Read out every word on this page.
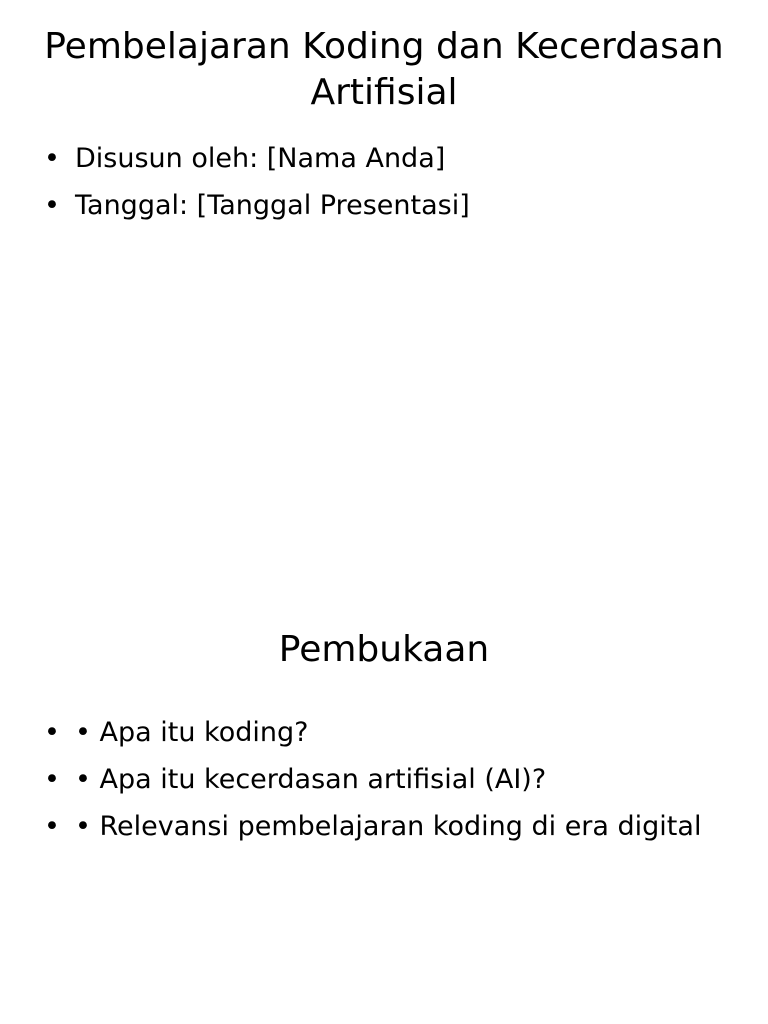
Pembelajaran Koding dan Kecerdasan Artifisial
• Disusun oleh: [Nama Anda]
• Tanggal: [Tanggal Presentasi]
Pembukaan
• • Apa itu koding?
• • Apa itu kecerdasan artifisial (AI)?
• • Relevansi pembelajaran koding di era digital
